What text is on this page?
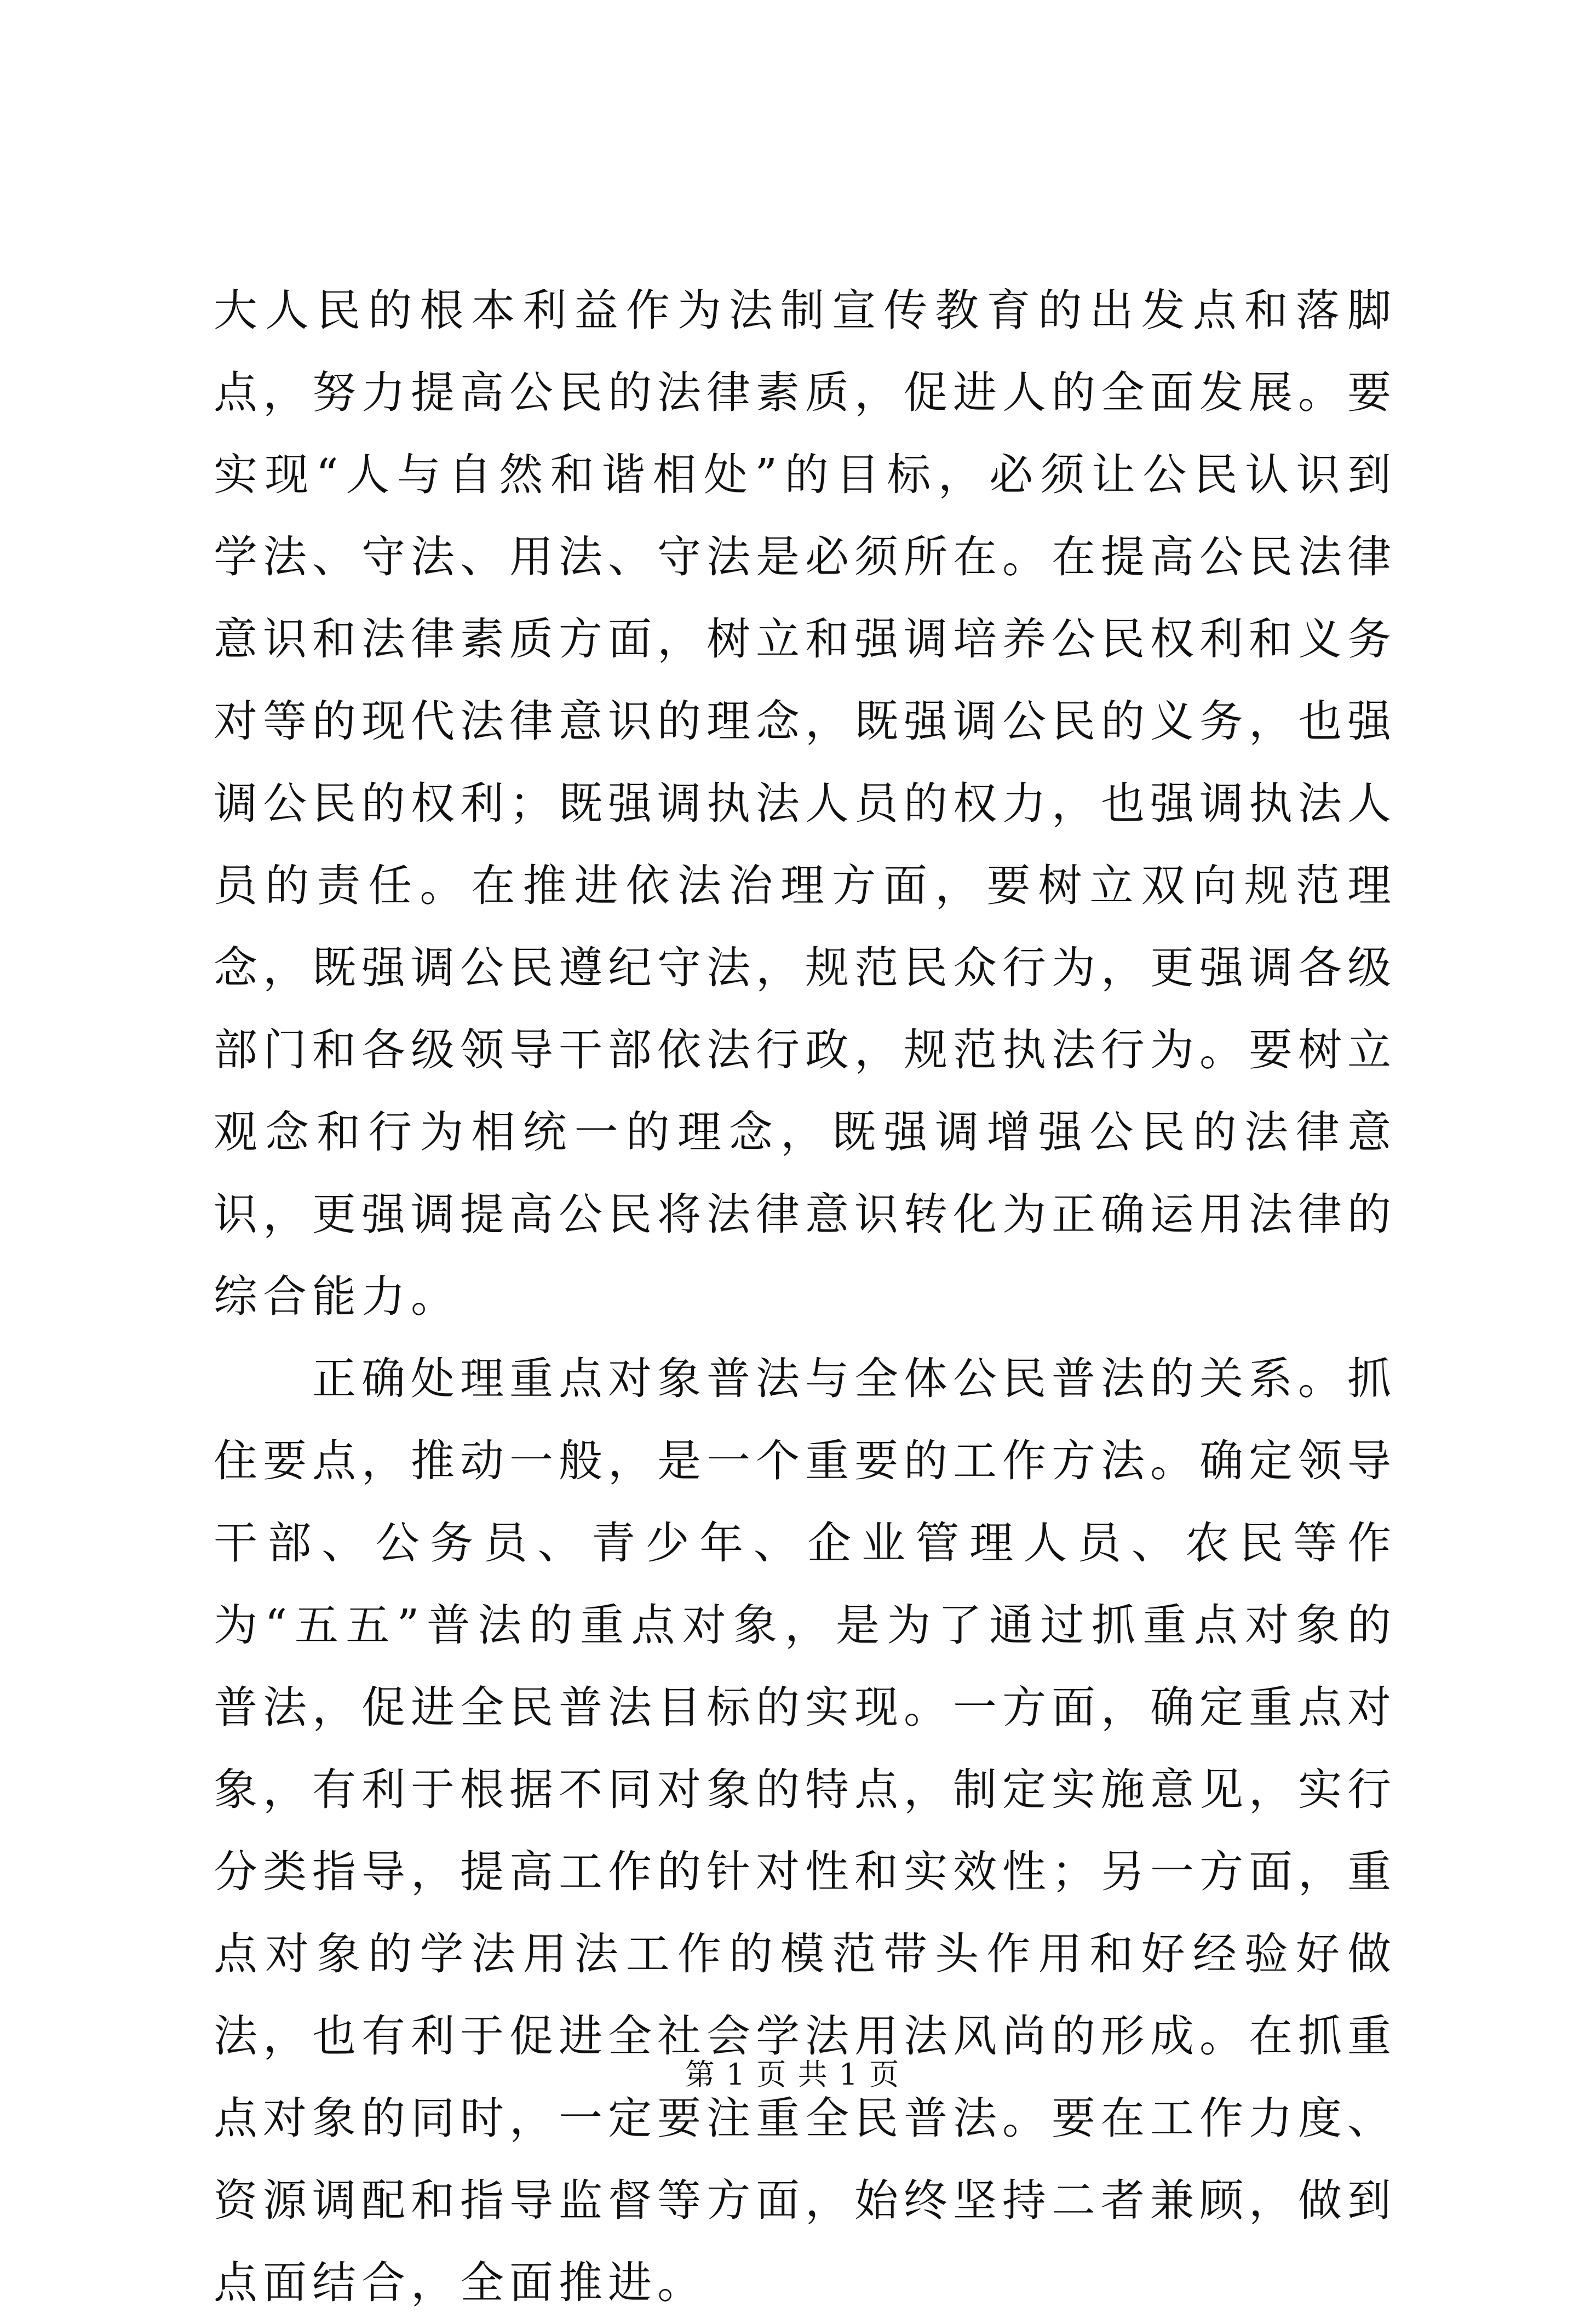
大人民的根本利益作为法制宣传教育的出发点和落脚点，努力提高公民的法律素质，促进人的全面发展。要实现“人与自然和谐相处”的目标，必须让公民认识到学法、守法、用法、守法是必须所在。在提高公民法律意识和法律素质方面，树立和强调培养公民权利和义务对等的现代法律意识的理念，既强调公民的义务，也强调公民的权利；既强调执法人员的权力，也强调执法人员的责任。在推进依法治理方面，要树立双向规范理念，既强调公民遵纪守法，规范民众行为，更强调各级部门和各级领导干部依法行政，规范执法行为。要树立观念和行为相统一的理念，既强调增强公民的法律意识，更强调提高公民将法律意识转化为正确运用法律的综合能力。

正确处理重点对象普法与全体公民普法的关系。抓住要点，推动一般，是一个重要的工作方法。确定领导干部、公务员、青少年、企业管理人员、农民等作为“五五”普法的重点对象，是为了通过抓重点对象的普法，促进全民普法目标的实现。一方面，确定重点对象，有利于根据不同对象的特点，制定实施意见，实行分类指导，提高工作的针对性和实效性；另一方面，重点对象的学法用法工作的模范带头作用和好经验好做法，也有利于促进全社会学法用法风尚的形成。在抓重点对象的同时，一定要注重全民普法。要在工作力度、资源调配和指导监督等方面，始终坚持二者兼顾，做到点面结合，全面推进。

第 1 页 共 1 页
